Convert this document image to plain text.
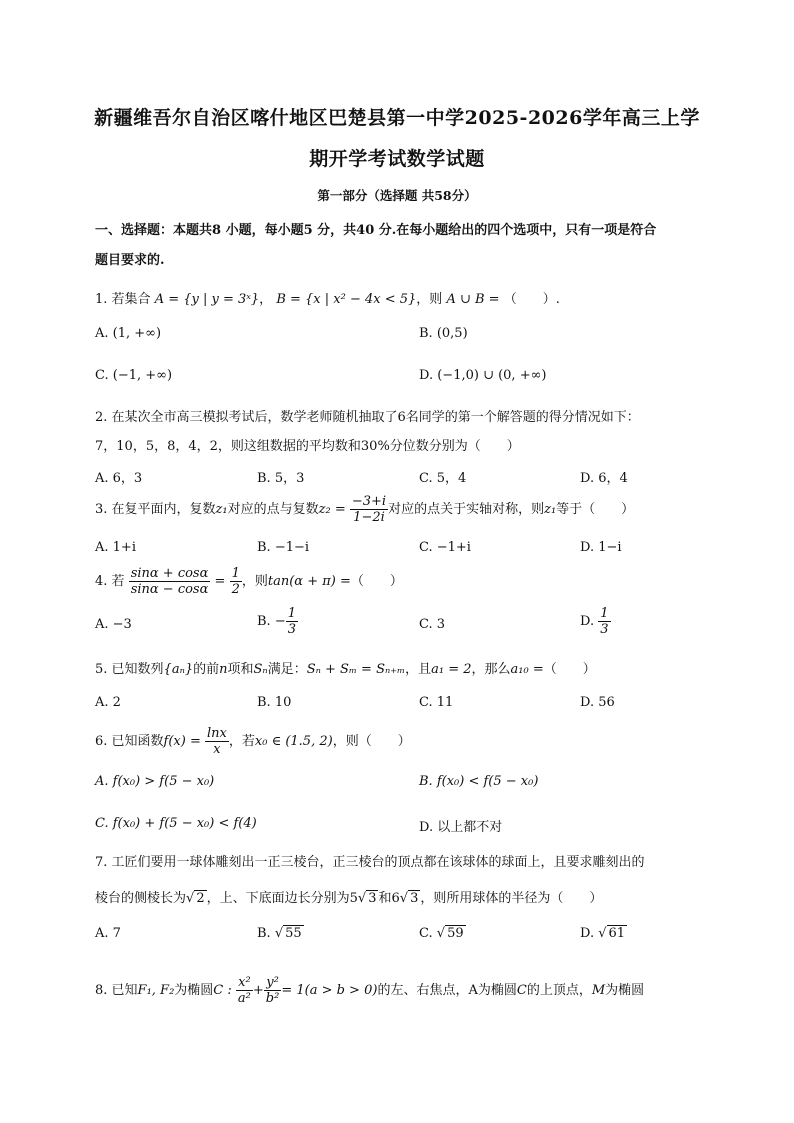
新疆维吾尔自治区喀什地区巴楚县第一中学2025-2026学年高三上学
期开学考试数学试题
第一部分（选择题 共58分）
一、选择题：本题共8 小题，每小题5 分，共40 分.在每小题给出的四个选项中，只有一项是符合
题目要求的.
1. 若集合 A = {y | y = 3ˣ}， B = {x | x² − 4x < 5}，则 A ∪ B = （　　）.
A. (1, +∞)	B. (0,5)
C. (−1, +∞)	D. (−1,0) ∪ (0, +∞)
2. 在某次全市高三模拟考试后，数学老师随机抽取了6名同学的第一个解答题的得分情况如下：
7，10，5，8，4，2，则这组数据的平均数和30%分位数分别为（　　）
A. 6，3	B. 5，3	C. 5，4	D. 6，4
3. 在复平面内，复数z₁对应的点与复数$z_2 = \frac{-3+i}{1-2i}$ 对应的点关于实轴对称，则z₁等于（　　）
A. 1+i	B. −1−i	C. −1+i	D. 1−i
4. 若 $\frac{\sin\alpha + \cos\alpha}{\sin\alpha - \cos\alpha} = \frac{1}{2}$ ，则tan(α + π) =（　　）
A. −3	B. − $\frac{1}{3}$	C. 3	D. $\frac{1}{3}$
5. 已知数列{aₙ}的前n项和Sₙ满足：Sₙ + Sₘ = Sₙ₊ₘ，且a₁ = 2，那么a₁₀ =（　　）
A. 2	B. 10	C. 11	D. 56
6. 已知函数$f(x) = \frac{\ln x}{x}$ ，若x₀ ∈ (1.5, 2)，则（　　）
A. f(x₀) > f(5 − x₀)	B. f(x₀) < f(5 − x₀)
C. f(x₀) + f(5 − x₀) < f(4)	D. 以上都不对
7. 工匠们要用一球体雕刻出一正三棱台，正三棱台的顶点都在该球体的球面上，且要求雕刻出的
棱台的侧棱长为√ 2 ，上、下底面边长分别为5√ 3 和6√ 3 ，则所用球体的半径为（　　）
A. 7	B. √ 55	C. √ 59	D. √ 61
8. 已知F₁, F₂为椭圆C : $\frac{\text{x²}}{\text{a²}} + \frac{\text{y²}}{\text{b²}} = 1(a > b > 0)$的左、右焦点，A为椭圆C的上顶点，M为椭圆
